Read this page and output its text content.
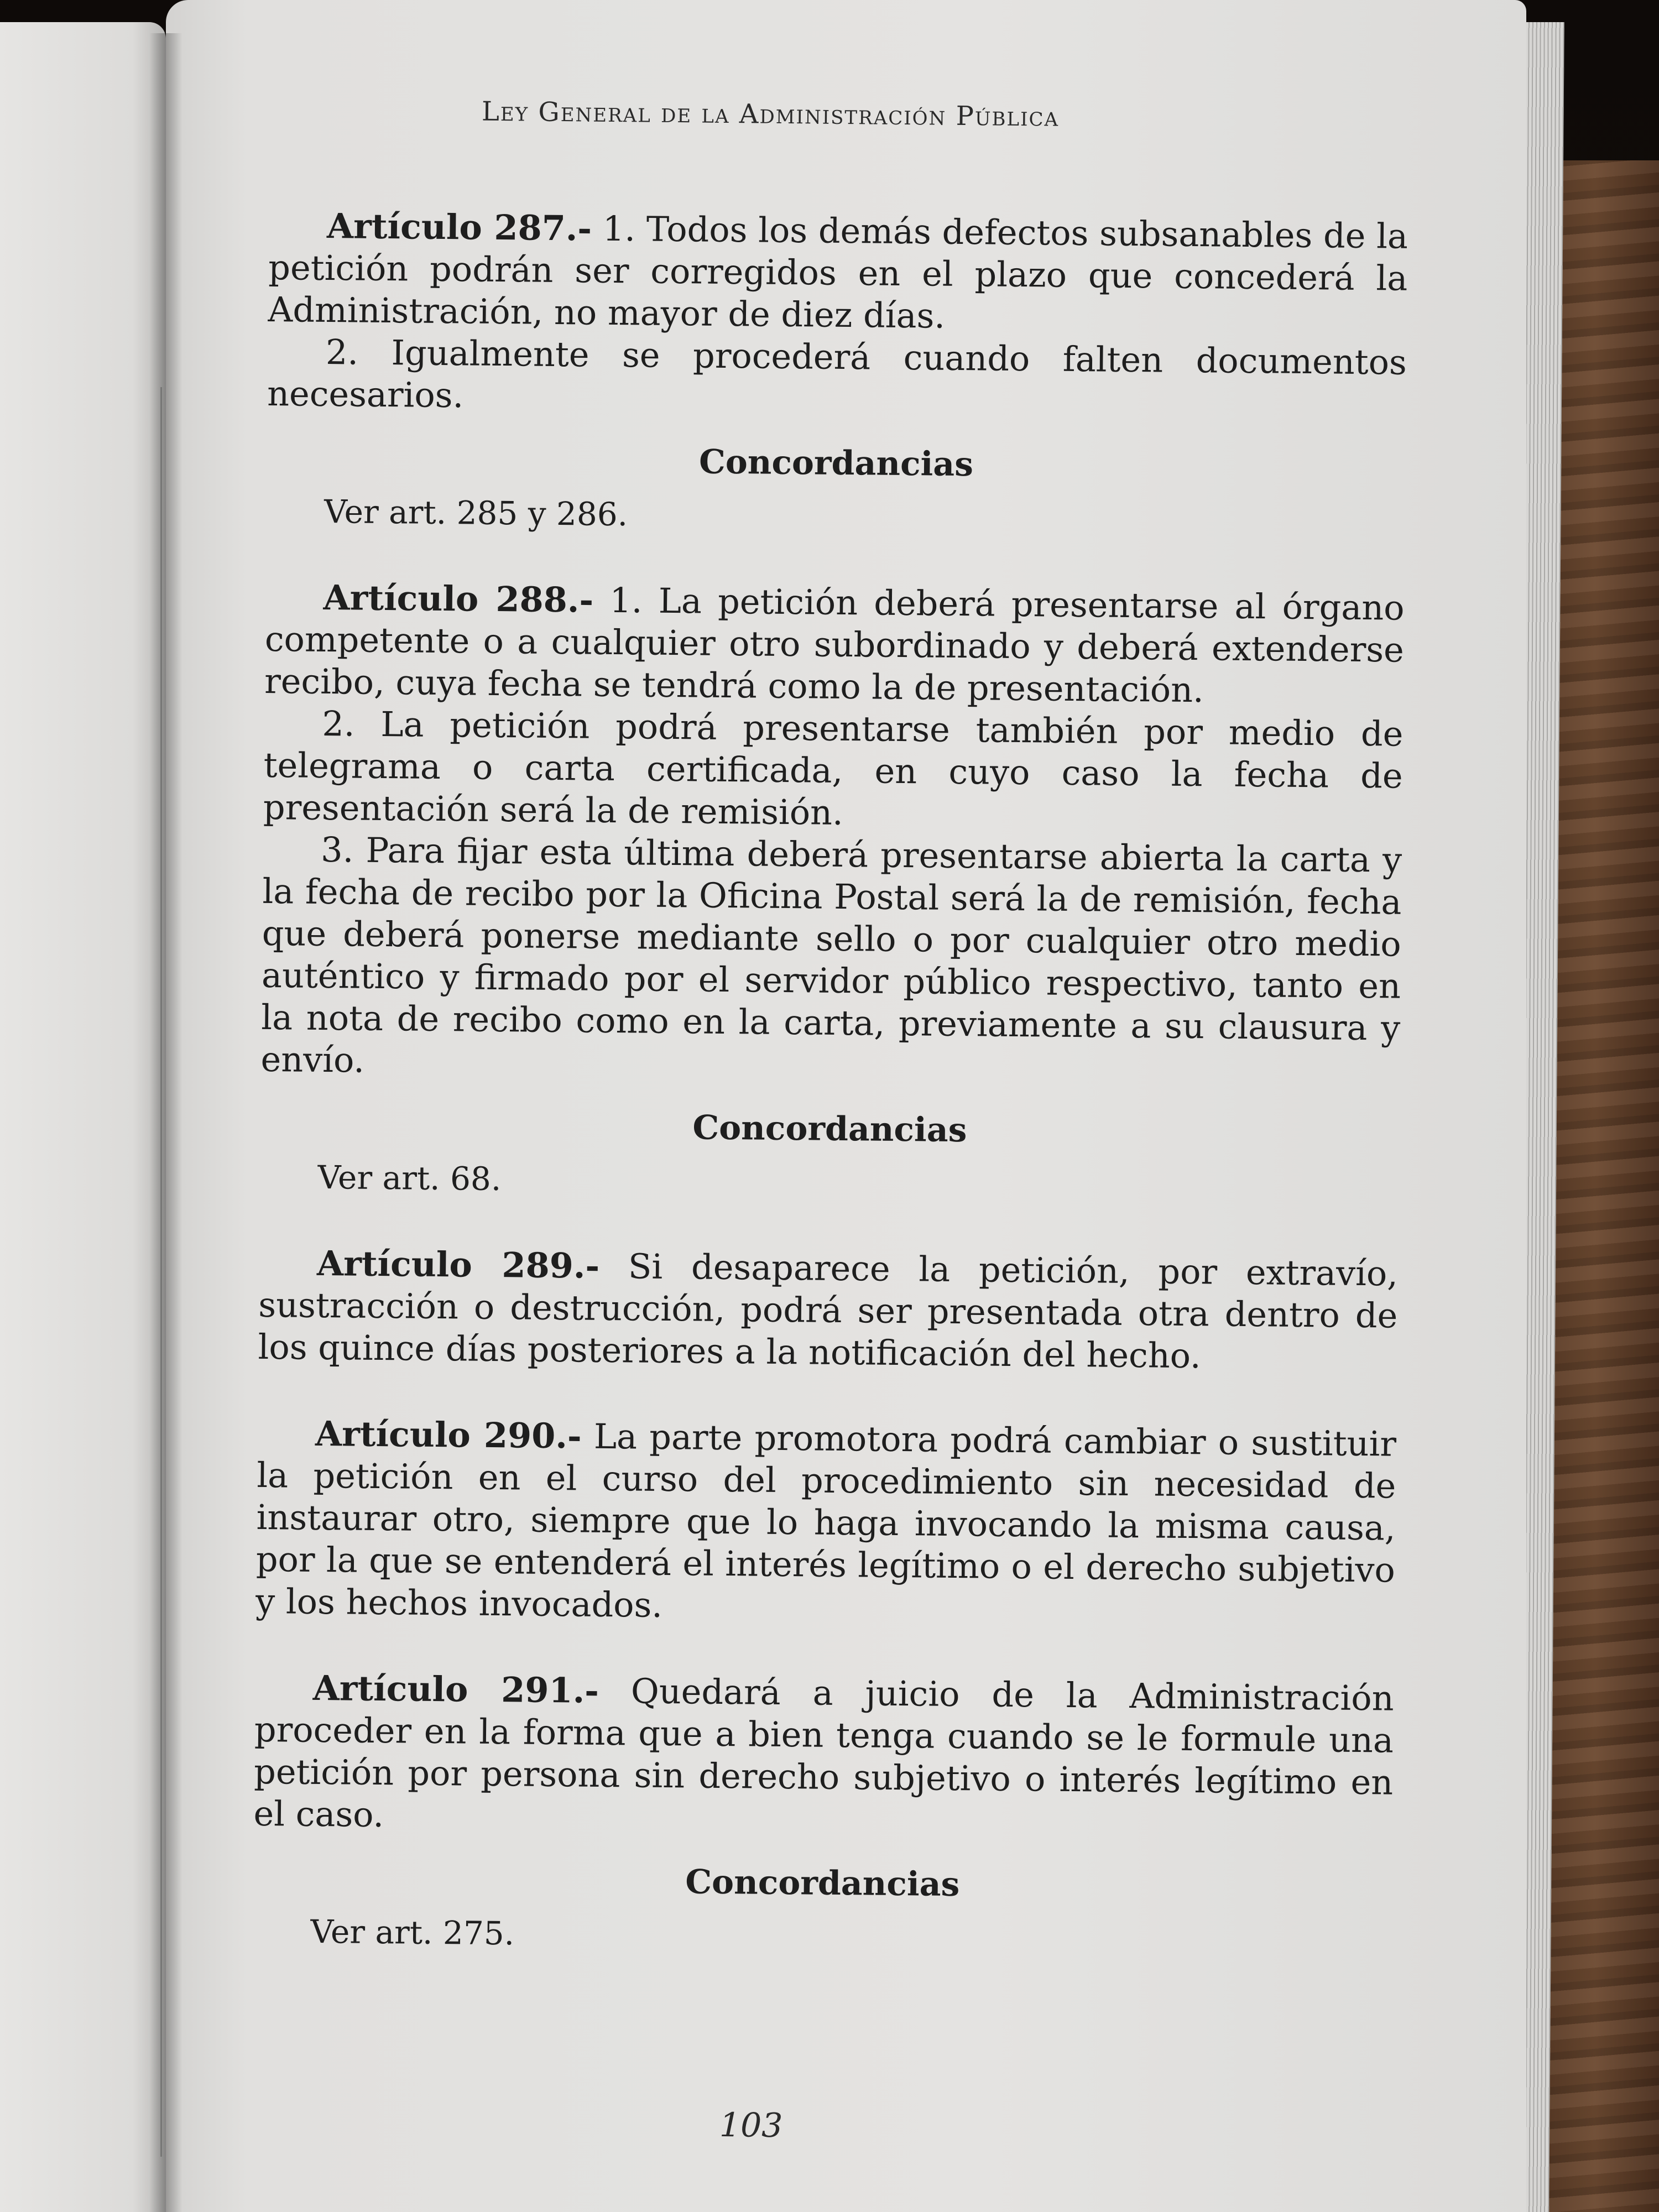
Ley General de la Administración Pública

Artículo 287.- 1. Todos los demás defectos subsanables de la petición podrán ser corregidos en el plazo que concederá la Administración, no mayor de diez días.

2. Igualmente se procederá cuando falten documentos necesarios.

Concordancias

Ver art. 285 y 286.

Artículo 288.- 1. La petición deberá presentarse al órgano competente o a cualquier otro subordinado y deberá extenderse recibo, cuya fecha se tendrá como la de presentación.

2. La petición podrá presentarse también por medio de telegrama o carta certificada, en cuyo caso la fecha de presentación será la de remisión.

3. Para fijar esta última deberá presentarse abierta la carta y la fecha de recibo por la Oficina Postal será la de remisión, fecha que deberá ponerse mediante sello o por cualquier otro medio auténtico y firmado por el servidor público respectivo, tanto en la nota de recibo como en la carta, previamente a su clausura y envío.

Concordancias

Ver art. 68.

Artículo 289.- Si desaparece la petición, por extravío, sustracción o destrucción, podrá ser presentada otra dentro de los quince días posteriores a la notificación del hecho.

Artículo 290.- La parte promotora podrá cambiar o sustituir la petición en el curso del procedimiento sin necesidad de instaurar otro, siempre que lo haga invocando la misma causa, por la que se entenderá el interés legítimo o el derecho subjetivo y los hechos invocados.

Artículo 291.- Quedará a juicio de la Administración proceder en la forma que a bien tenga cuando se le formule una petición por persona sin derecho subjetivo o interés legítimo en el caso.

Concordancias

Ver art. 275.

103
